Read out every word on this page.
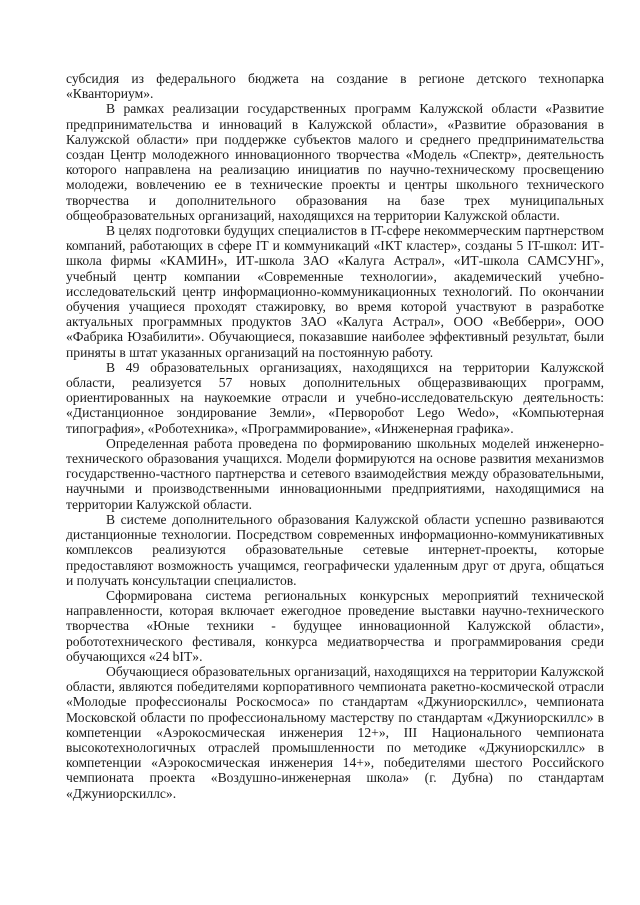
субсидия из федерального бюджета на создание в регионе детского технопарка «Кванториум».

В рамках реализации государственных программ Калужской области «Развитие предпринимательства и инноваций в Калужской области», «Развитие образования в Калужской области» при поддержке субъектов малого и среднего предпринимательства создан Центр молодежного инновационного творчества «Модель «Спектр», деятельность которого направлена на реализацию инициатив по научно-техническому просвещению молодежи, вовлечению ее в технические проекты и центры школьного технического творчества и дополнительного образования на базе трех муниципальных общеобразовательных организаций, находящихся на территории Калужской области.

В целях подготовки будущих специалистов в IT-сфере некоммерческим партнерством компаний, работающих в сфере IT и коммуникаций «IКТ кластер», созданы 5 IT-школ: ИТ-школа фирмы «КАМИН», ИТ-школа ЗАО «Калуга Астрал», «ИТ-школа САМСУНГ», учебный центр компании «Современные технологии», академический учебно-исследовательский центр информационно-коммуникационных технологий. По окончании обучения учащиеся проходят стажировку, во время которой участвуют в разработке актуальных программных продуктов ЗАО «Калуга Астрал», ООО «Вебберри», ООО «Фабрика Юзабилити». Обучающиеся, показавшие наиболее эффективный результат, были приняты в штат указанных организаций на постоянную работу.

В 49 образовательных организациях, находящихся на территории Калужской области, реализуется 57 новых дополнительных общеразвивающих программ, ориентированных на наукоемкие отрасли и учебно-исследовательскую деятельность: «Дистанционное зондирование Земли», «Перворобот Lego Wedo», «Компьютерная типография», «Роботехника», «Программирование», «Инженерная графика».

Определенная работа проведена по формированию школьных моделей инженерно-технического образования учащихся. Модели формируются на основе развития механизмов государственно-частного партнерства и сетевого взаимодействия между образовательными, научными и производственными инновационными предприятиями, находящимися на территории Калужской области.

В системе дополнительного образования Калужской области успешно развиваются дистанционные технологии. Посредством современных информационно-коммуникативных комплексов реализуются образовательные сетевые интернет-проекты, которые предоставляют возможность учащимся, географически удаленным друг от друга, общаться и получать консультации специалистов.

Сформирована система региональных конкурсных мероприятий технической направленности, которая включает ежегодное проведение выставки научно-технического творчества «Юные техники - будущее инновационной Калужской области», робототехнического фестиваля, конкурса медиатворчества и программирования среди обучающихся «24 bIT».

Обучающиеся образовательных организаций, находящихся на территории Калужской области, являются победителями корпоративного чемпионата ракетно-космической отрасли «Молодые профессионалы Роскосмоса» по стандартам «Джуниорскиллс», чемпионата Московской области по профессиональному мастерству по стандартам «Джуниорскиллс» в компетенции «Аэрокосмическая инженерия 12+», III Национального чемпионата высокотехнологичных отраслей промышленности по методике «Джуниорскиллс» в компетенции «Аэрокосмическая инженерия 14+», победителями шестого Российского чемпионата проекта «Воздушно-инженерная школа» (г. Дубна) по стандартам «Джуниорскиллс».
